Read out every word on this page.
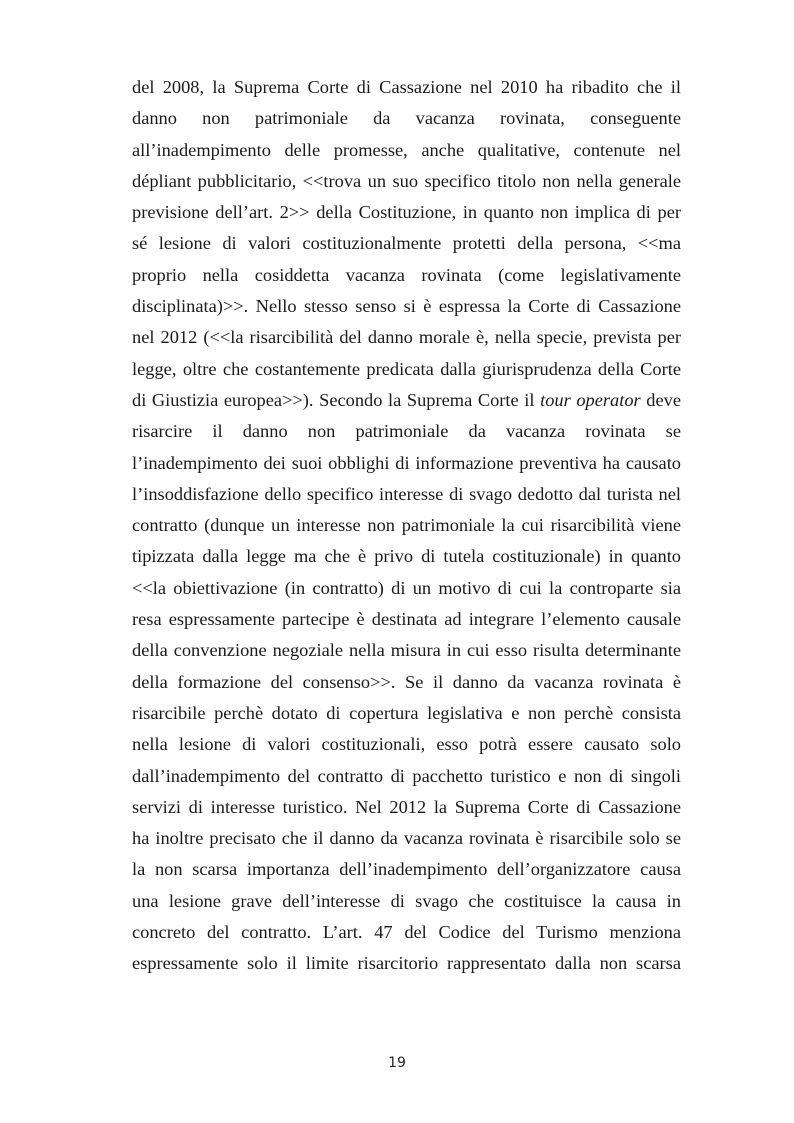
del 2008, la Suprema Corte di Cassazione nel 2010 ha ribadito che il
danno non patrimoniale da vacanza rovinata, conseguente
all’inadempimento delle promesse, anche qualitative, contenute nel
dépliant pubblicitario, <<trova un suo specifico titolo non nella generale
previsione dell’art. 2>> della Costituzione, in quanto non implica di per
sé lesione di valori costituzionalmente protetti della persona, <<ma
proprio nella cosiddetta vacanza rovinata (come legislativamente
disciplinata)>>. Nello stesso senso si è espressa la Corte di Cassazione
nel 2012 (<<la risarcibilità del danno morale è, nella specie, prevista per
legge, oltre che costantemente predicata dalla giurisprudenza della Corte
di Giustizia europea>>). Secondo la Suprema Corte il tour operator deve
risarcire il danno non patrimoniale da vacanza rovinata se
l’inadempimento dei suoi obblighi di informazione preventiva ha causato
l’insoddisfazione dello specifico interesse di svago dedotto dal turista nel
contratto (dunque un interesse non patrimoniale la cui risarcibilità viene
tipizzata dalla legge ma che è privo di tutela costituzionale) in quanto
<<la obiettivazione (in contratto) di un motivo di cui la controparte sia
resa espressamente partecipe è destinata ad integrare l’elemento causale
della convenzione negoziale nella misura in cui esso risulta determinante
della formazione del consenso>>. Se il danno da vacanza rovinata è
risarcibile perchè dotato di copertura legislativa e non perchè consista
nella lesione di valori costituzionali, esso potrà essere causato solo
dall’inadempimento del contratto di pacchetto turistico e non di singoli
servizi di interesse turistico. Nel 2012 la Suprema Corte di Cassazione
ha inoltre precisato che il danno da vacanza rovinata è risarcibile solo se
la non scarsa importanza dell’inadempimento dell’organizzatore causa
una lesione grave dell’interesse di svago che costituisce la causa in
concreto del contratto. L’art. 47 del Codice del Turismo menziona
espressamente solo il limite risarcitorio rappresentato dalla non scarsa
19
